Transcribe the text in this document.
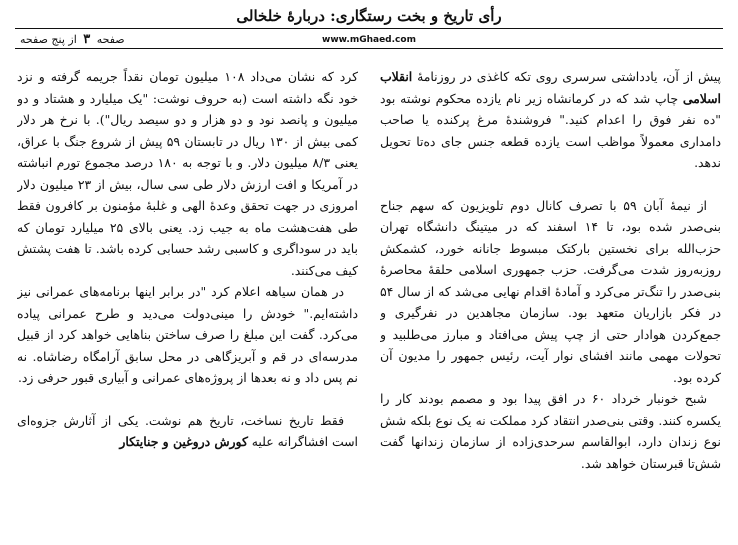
رأی تاریخ و بخت رستگاری: دربارهٔ خلخالی
صفحه ۳ از پنج صفحه	www.mGhaed.com

پیش از آن، یادداشتی سرسری روی تکه کاغذی در روزنامهٔ انقلاب اسلامی چاپ شد که در کرمانشاه زیر نام یازده محکوم نوشته بود "ده نفر فوق را اعدام کنید." فروشندهٔ مرغ پرکنده یا صاحب دامداری معمولاً مواظب است یازده قطعه جنس جای ده‌تا تحویل ندهد.

از نیمهٔ آبان ۵۹ با تصرف کانال دوم تلویزیون که سهم جناح بنی‌صدر شده بود، تا ۱۴ اسفند که در میتینگ دانشگاه تهران حزب‌الله برای نخستین بارکتک مبسوط جانانه خورد، کشمکش روزبه‌روز شدت می‌گرفت. حزب جمهوری اسلامی حلقهٔ محاصرهٔ بنی‌صدر را تنگ‌تر می‌کرد و آمادهٔ اقدام نهایی می‌شد که از سال ۵۴ در فکر بازاریان متعهد بود. سازمان مجاهدین در نفرگیری و جمع‌کردن هوادار حتی از چپ پیش می‌افتاد و مبارز می‌طلبید و تحولات مهمی مانند افشای نوار آیت، رئیس جمهور را مدیون آن کرده بود.

شبح خونبار خرداد ۶۰ در افق پیدا بود و مصمم بودند کار را یکسره کنند. وقتی بنی‌صدر انتقاد کرد مملکت نه یک نوع بلکه شش نوع زندان دارد، ابوالقاسم سرحدی‌زاده از سازمان زندانها گفت شش‌تا قبرستان خواهد شد.

کرد که نشان می‌داد ۱۰۸ میلیون تومان نقداً جریمه گرفته و نزد خود نگه داشته است (به حروف نوشت: "یک میلیارد و هشتاد و دو میلیون و پانصد نود و دو هزار و دو سیصد ریال"). با نرخ هر دلار کمی بیش از ۱۳۰ ریال در تابستان ۵۹ پیش از شروع جنگ با عراق، یعنی ۸/۳ میلیون دلار. و با توجه به ۱۸۰ درصد مجموع تورم انباشته در آمریکا و افت ارزش دلار طی سی سال، بیش از ۲۳ میلیون دلار امروزی در جهت تحقق وعدهٔ الهی و غلبهٔ مؤمنون بر کافرون فقط طی هفت‌هشت ماه به جیب زد. یعنی بالای ۲۵ میلیارد تومان که باید در سوداگری و کاسبی رشد حسابی کرده باشد. تا هفت پشتش کیف می‌کنند.

در همان سیاهه اعلام کرد "در برابر اینها برنامه‌های عمرانی نیز داشته‌ایم." خودش را مینی‌دولت می‌دید و طرح عمرانی پیاده می‌کرد. گفت این مبلغ را صرف ساختن بناهایی خواهد کرد از قبیل مدرسه‌ای در قم و آبریزگاهی در محل سابق آرامگاه رضاشاه. نه نم پس داد و نه بعدها از پروژه‌های عمرانی و آبیاری قبور حرفی زد.

فقط تاریخ نساخت، تاریخ هم نوشت. یکی از آثارش جزوه‌ای است افشاگرانه علیه کورش دروغین و جنایتکار
